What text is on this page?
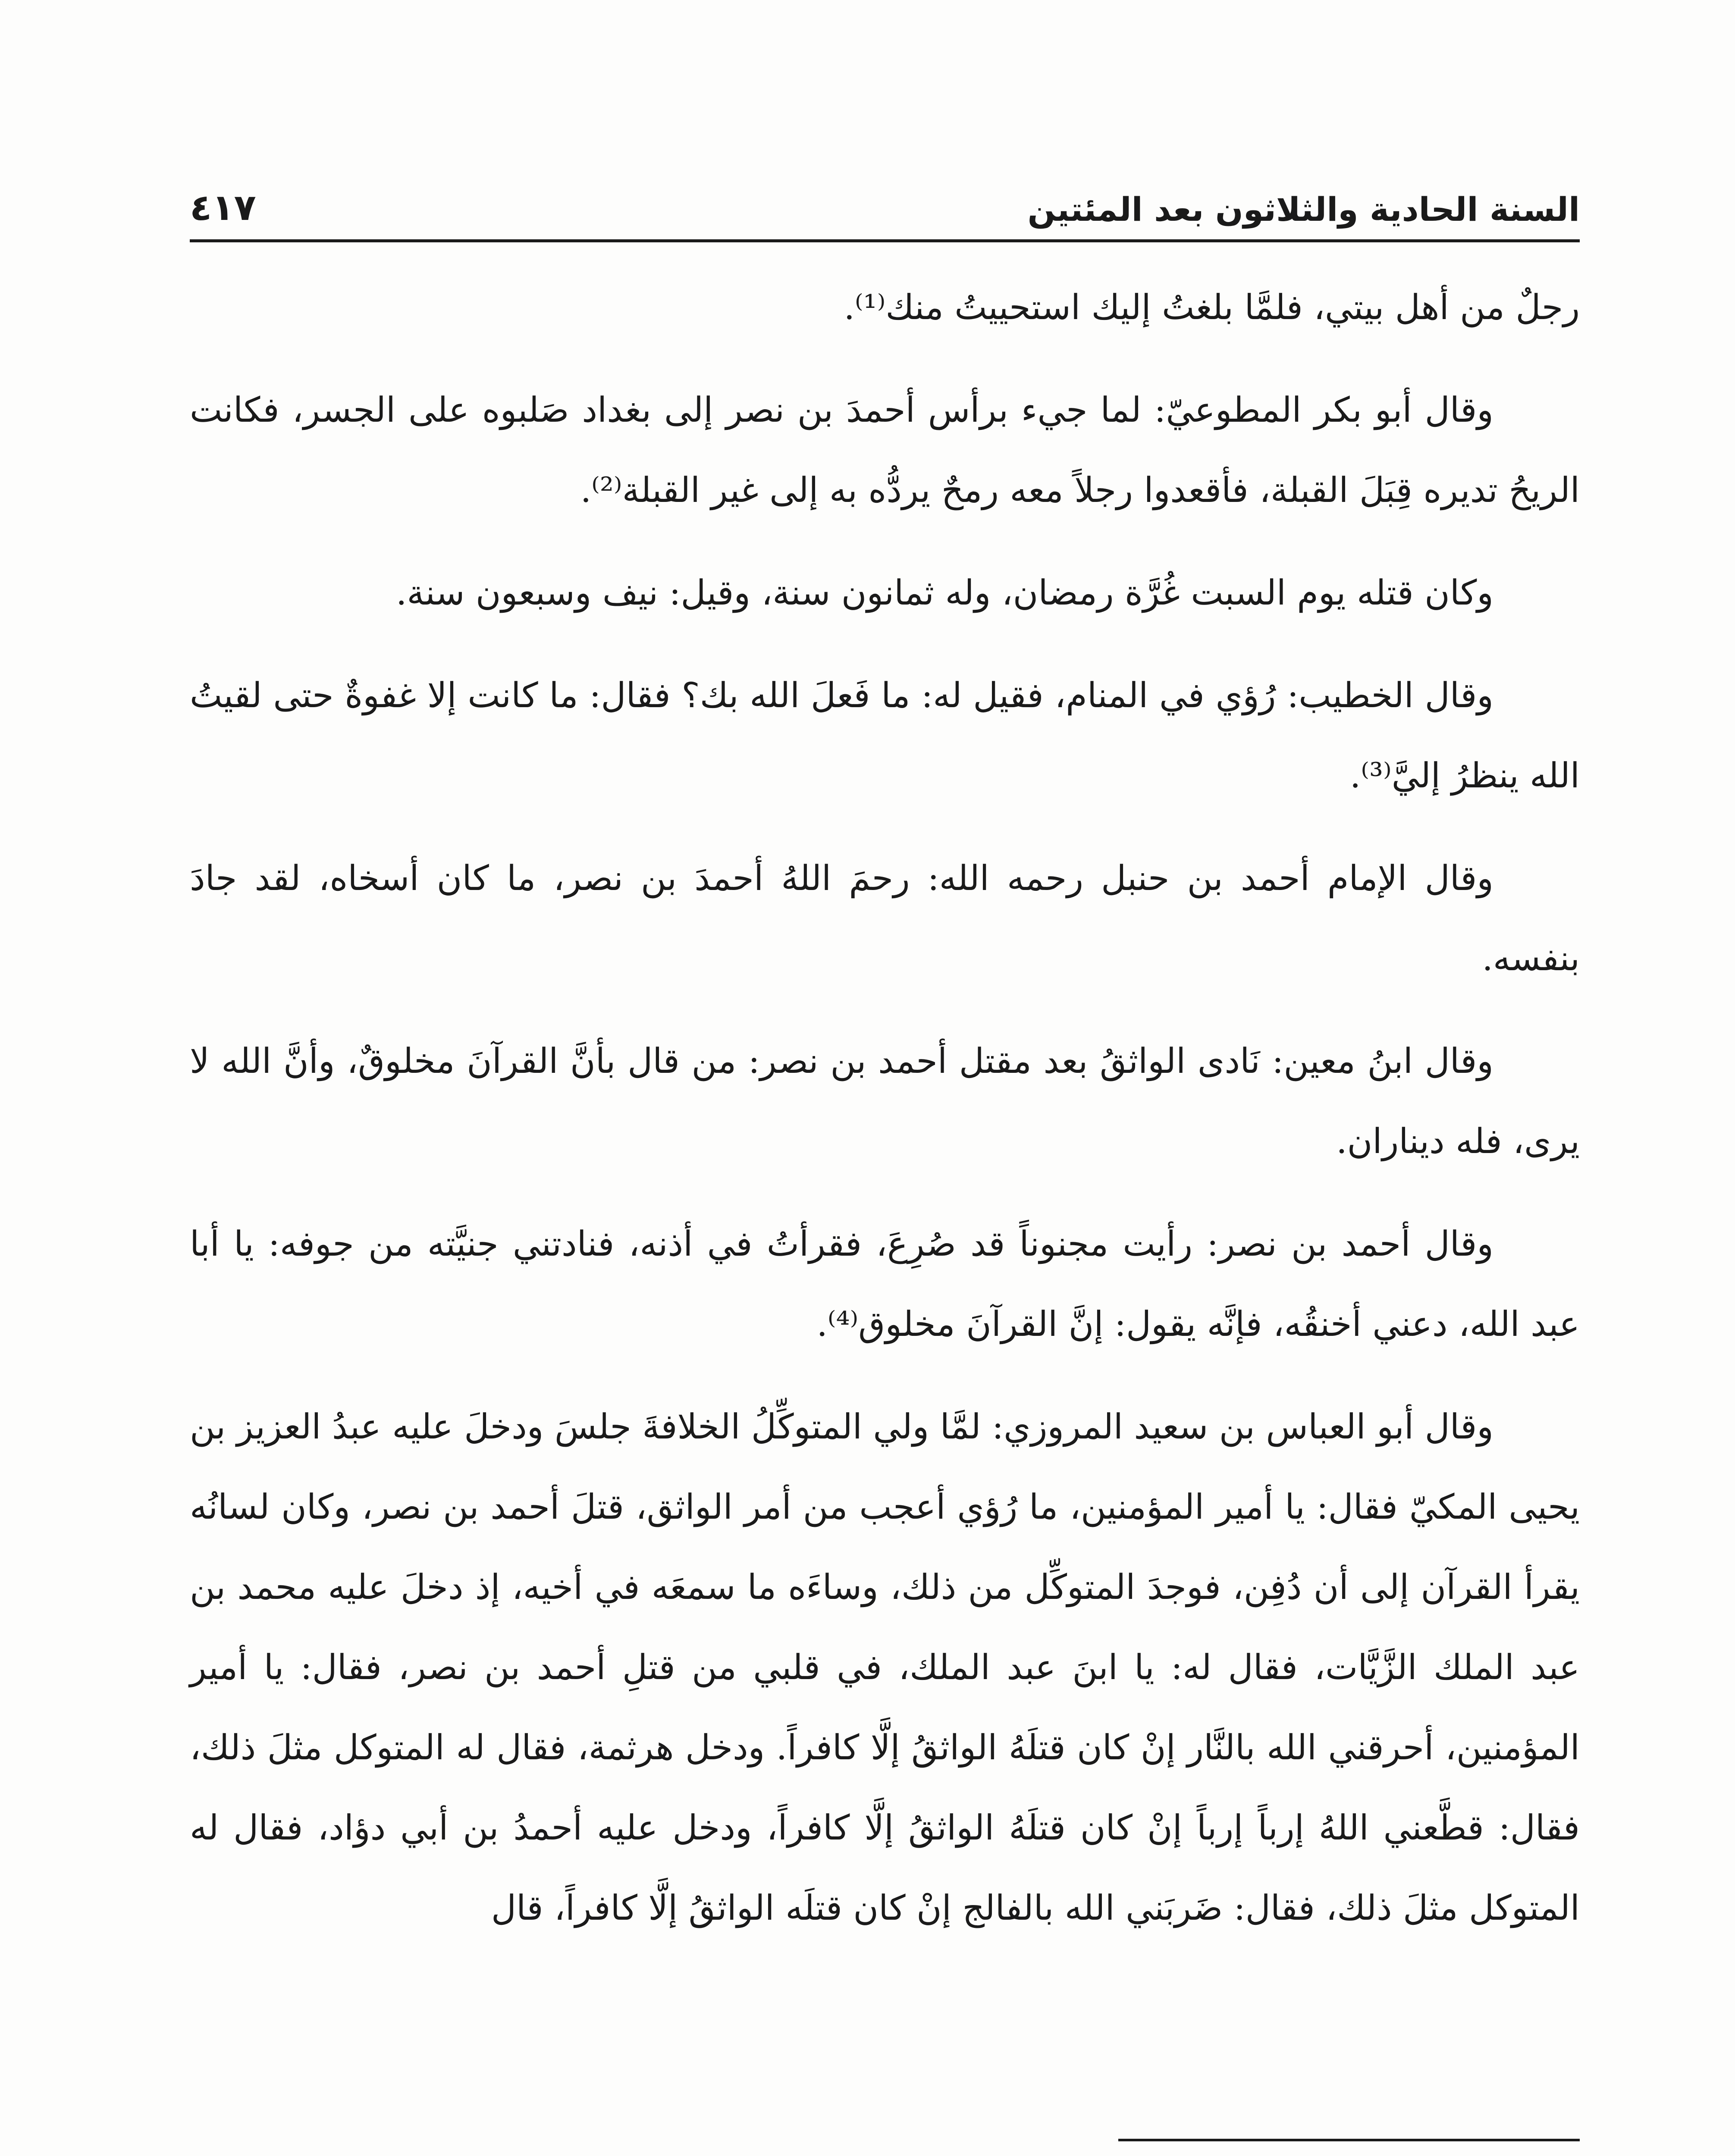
السنة الحادية والثلاثون بعد المئتين
٤١٧

رجلٌ من أهل بيتي، فلمَّا بلغتُ إليك استحييتُ منك⁽¹⁾.

وقال أبو بكر المطوعيّ: لما جيء برأس أحمدَ بن نصر إلى بغداد صَلبوه على الجسر، فكانت الريحُ تديره قِبَلَ القبلة، فأقعدوا رجلاً معه رمحٌ يردُّه به إلى غير القبلة⁽²⁾.

وكان قتله يوم السبت غُرَّة رمضان، وله ثمانون سنة، وقيل: نيف وسبعون سنة.

وقال الخطيب: رُؤي في المنام، فقيل له: ما فَعلَ الله بك؟ فقال: ما كانت إلا غفوةٌ حتى لقيتُ الله ينظرُ إليَّ⁽³⁾.

وقال الإمام أحمد بن حنبل رحمه الله: رحمَ اللهُ أحمدَ بن نصر، ما كان أسخاه، لقد جادَ بنفسه.

وقال ابنُ معين: نَادى الواثقُ بعد مقتل أحمد بن نصر: من قال بأنَّ القرآنَ مخلوقٌ، وأنَّ الله لا يرى، فله ديناران.

وقال أحمد بن نصر: رأيت مجنوناً قد صُرِعَ، فقرأتُ في أذنه، فنادتني جنيَّته من جوفه: يا أبا عبد الله، دعني أخنقُه، فإنَّه يقول: إنَّ القرآنَ مخلوق⁽⁴⁾.

وقال أبو العباس بن سعيد المروزي: لمَّا ولي المتوكِّلُ الخلافةَ جلسَ ودخلَ عليه عبدُ العزيز بن يحيى المكيّ فقال: يا أمير المؤمنين، ما رُؤي أعجب من أمر الواثق، قتلَ أحمد بن نصر، وكان لسانُه يقرأ القرآن إلى أن دُفِن، فوجدَ المتوكِّل من ذلك، وساءَه ما سمعَه في أخيه، إذ دخلَ عليه محمد بن عبد الملك الزَّيَّات، فقال له: يا ابنَ عبد الملك، في قلبي من قتلِ أحمد بن نصر، فقال: يا أمير المؤمنين، أحرقني الله بالنَّار إنْ كان قتلَهُ الواثقُ إلَّا كافراً. ودخل هرثمة، فقال له المتوكل مثلَ ذلك، فقال: قطَّعني اللهُ إرباً إرباً إنْ كان قتلَهُ الواثقُ إلَّا كافراً، ودخل عليه أحمدُ بن أبي دؤاد، فقال له المتوكل مثلَ ذلك، فقال: ضَربَني الله بالفالج إنْ كان قتلَه الواثقُ إلَّا كافراً، قال
